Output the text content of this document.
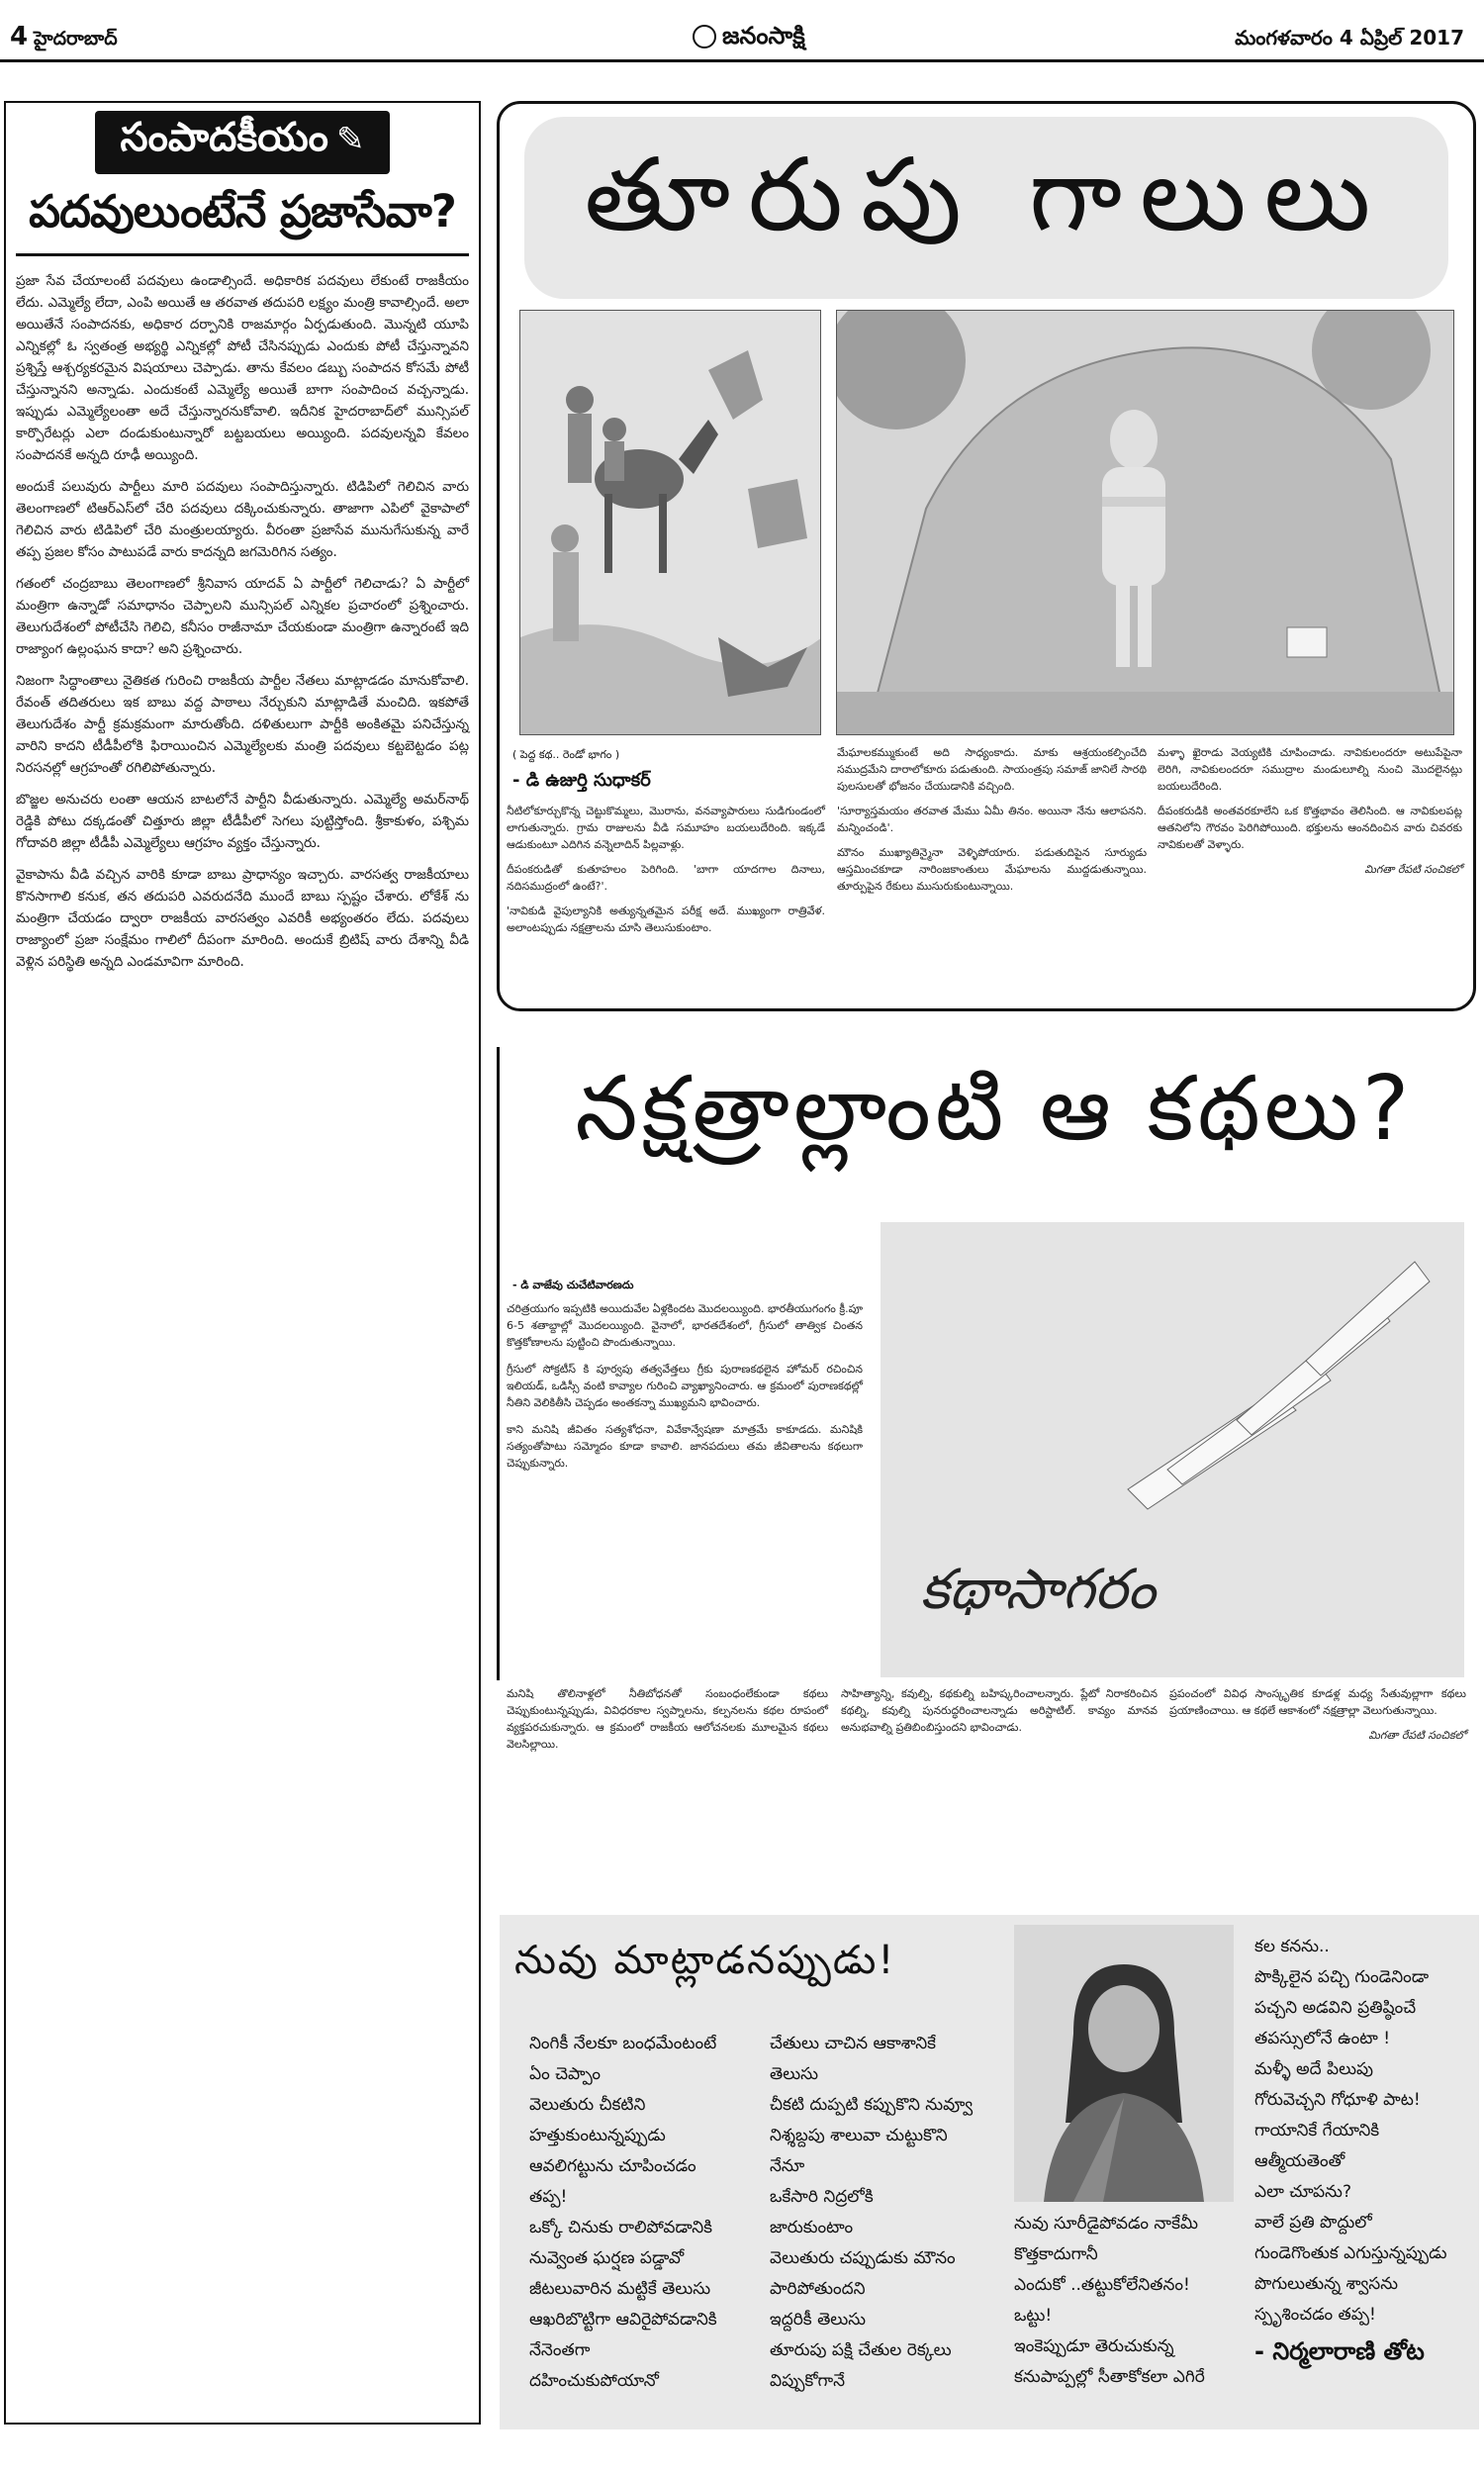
4 హైదరాబాద్	జనంసాక్షి	మంగళవారం 4 ఏప్రిల్ 2017
సంపాదకీయం ✎
పదవులుంటేనే ప్రజాసేవా?

ప్రజా సేవ చేయాలంటే పదవులు ఉండాల్సిందే. అధికారిక పదవులు లేకుంటే రాజకీయం లేదు. ఎమ్మెల్యే లేదా, ఎంపి అయితే ఆ తరవాత తదుపరి లక్ష్యం మంత్రి కావాల్సిందే. అలా అయితేనే సంపాదనకు, అధికార దర్పానికి రాజమార్గం ఏర్పడుతుంది. మొన్నటి యూపి ఎన్నికల్లో ఓ స్వతంత్ర అభ్యర్థి ఎన్నికల్లో పోటీ చేసినప్పుడు ఎందుకు పోటీ చేస్తున్నావని ప్రశ్నిస్తే ఆశ్చర్యకరమైన విషయాలు చెప్పాడు. తాను కేవలం డబ్బు సంపాదన కోసమే పోటీ చేస్తున్నానని అన్నాడు. ఎందుకంటే ఎమ్మెల్యే అయితే బాగా సంపాదించ వచ్చన్నాడు. ఇప్పుడు ఎమ్మెల్యేలంతా అదే చేస్తున్నారనుకోవాలి. ఇదీనిక హైదరాబాద్‌లో మున్సిపల్ కార్పొరేటర్లు ఎలా దండుకుంటున్నారో బట్టబయలు అయ్యింది. పదవులన్నవి కేవలం సంపాదనకే అన్నది రూఢీ అయ్యింది.

అందుకే పలువురు పార్టీలు మారి పదవులు సంపాదిస్తున్నారు. టిడిపిలో గెలిచిన వారు తెలంగాణలో టిఆర్‌ఎస్‌లో చేరి పదవులు దక్కించుకున్నారు. తాజాగా ఎపిలో వైకాపాలో గెలిచిన వారు టిడిపిలో చేరి మంత్రులయ్యారు. వీరంతా ప్రజాసేవ మునుగేసుకున్న వారే తప్ప ప్రజల కోసం పాటుపడే వారు కాదన్నది జగమెరిగిన సత్యం.

గతంలో చంద్రబాబు తెలంగాణలో శ్రీనివాస యాదవ్ ఏ పార్టీలో గెలిచాడు? ఏ పార్టీలో మంత్రిగా ఉన్నాడో సమాధానం చెప్పాలని మున్సిపల్ ఎన్నికల ప్రచారంలో ప్రశ్నించారు. తెలుగుదేశంలో పోటీచేసి గెలిచి, కనీసం రాజీనామా చేయకుండా మంత్రిగా ఉన్నారంటే ఇది రాజ్యాంగ ఉల్లంఘన కాదా? అని ప్రశ్నించారు.

నిజంగా సిద్ధాంతాలు నైతికత గురించి రాజకీయ పార్టీల నేతలు మాట్లాడడం మానుకోవాలి. రేవంత్ తదితరులు ఇక బాబు వద్ద పాఠాలు నేర్చుకుని మాట్లాడితే మంచిది. ఇకపోతే తెలుగుదేశం పార్టీ క్రమక్రమంగా మారుతోంది. దళితులుగా పార్టీకి అంకితమై పనిచేస్తున్న వారిని కాదని టీడీపీలోకి ఫిరాయించిన ఎమ్మెల్యేలకు మంత్రి పదవులు కట్టబెట్టడం పట్ల నిరసనల్లో ఆగ్రహంతో రగిలిపోతున్నారు.

బొజ్జల అనుచరు లంతా ఆయన బాటలోనే పార్టీని వీడుతున్నారు. ఎమ్మెల్యే అమర్‌నాథ్ రెడ్డికి పోటు దక్కడంతో చిత్తూరు జిల్లా టీడీపీలో సెగలు పుట్టిస్తోంది. శ్రీకాకుళం, పశ్చిమ గోదావరి జిల్లా టీడీపీ ఎమ్మెల్యేలు ఆగ్రహం వ్యక్తం చేస్తున్నారు.

వైకాపాను వీడి వచ్చిన వారికి కూడా బాబు ప్రాధాన్యం ఇచ్చారు. వారసత్వ రాజకీయాలు కొనసాగాలి కనుక, తన తదుపరి ఎవరుదనేది ముందే బాబు స్పష్టం చేశారు. లోకేశ్ ను మంత్రిగా చేయడం ద్వారా రాజకీయ వారసత్వం ఎవరికీ అభ్యంతరం లేదు. పదవులు రాజ్యాంలో ప్రజా సంక్షేమం గాలిలో దీపంగా మారింది. అందుకే బ్రిటిష్ వారు దేశాన్ని వీడి వెళ్లిన పరిస్థితి అన్నది ఎండమావిగా మారింది.

తూరుపు గాలులు
( పెద్ద కథ.. రెండో భాగం )
- డి ఉజుర్తి సుధాకర్

నీటిలోకూర్చుకొన్న చెట్టుకొమ్మలు, మొరాను, వనవ్యాపారులు సుడిగుండంలో లాగుతున్నారు. గ్రామ రాజులను వీడి సమూహం బయలుదేరింది. ఇక్కడే ఆడుకుంటూ ఎదిగిన వన్నెలాదిన్ పిల్లవాళ్లు.

దీపంకరుడితో కుతూహలం పెరిగింది. 'బాగా యాదగాల దినాలు, నదిసముద్రంలో ఉంటే?'.

'నావికుడి వైపుల్యానికి అత్యున్నతమైన పరీక్ష అదే. ముఖ్యంగా రాత్రివేళ. అలాంటప్పుడు నక్షత్రాలను చూసి తెలుసుకుంటాం.

మేఘాలకమ్ముకుంటే అది సాధ్యంకాదు. మాకు ఆశ్రయంకల్పించేది సముద్రమేని దారాలోకూరు పడుతుంది. సాయంత్రపు సమాజ్ జానిలే సారథి పులసులతో భోజనం చేయుడానికి వచ్చింది.

'సూర్యాస్తమయం తరవాత మేము ఏమీ తినం. అయినా నేను ఆలాపనని. మన్నించండి'.

మౌనం ముఖ్యాతిన్మైనా వెళ్ళిపోయారు. పడుతుదిపైన సూర్యుడు ఆస్తమించకూడా నారింజకాంతులు మేఘాలను ముద్దడుతున్నాయి. తూర్పుపైన రేకులు ముసురుకుంటున్నాయి.

మళ్ళా ఖైరాడు వెయ్యటికి చూపించాడు. నావికులందరూ అటుపేపైనా లెరిగి, నావికులందరూ సముద్రాల మండులూల్ని నుంచి మొదలైనట్లు బయలుదేరింది.

దీపంకరుడికి అంతవరకూలేని ఒక కొత్తభావం తెలిసింది. ఆ నావికులపట్ల ఆతనిలోని గౌరవం పెరిగిపోయింది. భక్తులను ఆంనదించిన వారు చివరకు నావికులతో వెళ్ళారు.

మిగతా రేపటి సంచికలో

నక్షత్రాల్లాంటి ఆ కథలు?
- డి వాజేవు చుచేటివారణదు

చరిత్రయుగం ఇప్పటికి అయిదువేల ఏళ్లకిందట మొదలయ్యింది. భారతీయుగంగం క్రీ.పూ 6-5 శతాబ్దాల్లో మొదలయ్యింది. వైనాలో, భారతదేశంలో, గ్రీసులో తాత్విక చింతన కొత్తకోణాలను పుట్టించి పొందుతున్నాయి.

గ్రీసులో సోక్రటీస్ కి పూర్వపు తత్వవేత్తలు గ్రీకు పురాణకథలైన హోమర్ రచించిన ఇలియడ్, ఒడిస్సీ వంటి కావ్యాల గురించి వ్యాఖ్యానించారు. ఆ క్రమంలో పురాణకథల్లో నీతిని వెలికితీసి చెప్పడం అంతకన్నా ముఖ్యమని భావించారు.

కాని మనిషి జీవితం సత్యశోధనా, వివేకాన్వేషణా మాత్రమే కాకూడదు. మనిషికి సత్యంతోపాటు సమ్మోదం కూడా కావాలి. జానపదులు తమ జీవితాలను కథలుగా చెప్పుకున్నారు.

కథాసాగరం
మనిషి తొలినాళ్లలో నీతిబోధనతో సంబంధంలేకుండా కథలు చెప్పుకుంటున్నప్పుడు, వివిధరకాల స్వప్నాలను, కల్పనలను కథల రూపంలో వ్యక్తపరచుకున్నారు. ఆ క్రమంలో రాజకీయ ఆలోచనలకు మూలమైన కథలు వెలసిల్లాయి.
సాహిత్యాన్ని, కవుల్ని, కథకుల్ని బహిష్కరించాలన్నారు. ప్లేటో నిరాకరించిన కథల్ని, కవుల్ని పునరుద్ధరించాలన్నాడు అరిస్టాటిల్. కావ్యం మానవ అనుభవాల్ని ప్రతిబింబిస్తుందని భావించాడు.

ప్రపంచంలో వివిధ సాంస్కృతిక కూడళ్ల మధ్య సేతువుల్లాగా కథలు ప్రయాణించాయి. ఆ కథలే ఆకాశంలో నక్షత్రాల్లా వెలుగుతున్నాయి.

మిగతా రేపటి సంచికలో

నువు మాట్లాడనప్పుడు!
నింగికీ నేలకూ బంధమేంటంటే
ఏం చెప్పాం
వెలుతురు చీకటిని
హత్తుకుంటున్నప్పుడు
ఆవలిగట్టును చూపించడం
తప్ప!
ఒక్కో చినుకు రాలిపోవడానికి
నువ్వెంత ఘర్షణ పడ్డావో
జీటలువారిన మట్టికే తెలుసు
ఆఖరిబొట్టిగా ఆవిరైపోవడానికి
నేనెంతగా
దహించుకుపోయానో
చేతులు చాచిన ఆకాశానికే
తెలుసు
చీకటి దుప్పటి కప్పుకొని నువ్వూ
నిశ్శబ్దపు శాలువా చుట్టుకొని
నేనూ
ఒకేసారి నిద్రలోకి
జారుకుంటాం
వెలుతురు చప్పుడుకు మౌనం
పారిపోతుందని
ఇద్దరికీ తెలుసు
తూరుపు పక్షి చేతుల రెక్కలు
విప్పుకోగానే
నువు సూరీడైపోవడం నాకేమీ
కొత్తకాదుగానీ
ఎందుకో ..తట్టుకోలేనితనం!
ఒట్టు!
ఇంకెప్పుడూ తెరుచుకున్న
కనుపాప్పల్లో సీతాకోకలా ఎగిరే
కల కనను..
పొక్కిలైన పచ్చి గుండెనిండా
పచ్చని అడవిని ప్రతిష్ఠించే
తపస్సులోనే ఉంటా !
మళ్ళీ అదే పిలుపు
గోరువెచ్చని గోధూళి పాట!
గాయానికే గేయానికి
ఆత్మీయతెంతో
ఎలా చూపను?
వాలే ప్రతి పొద్దులో
గుండెగొంతుక ఎగుస్తున్నప్పుడు
పొగులుతున్న శ్వాసను
స్పృశించడం తప్ప!
- నిర్మలారాణి తోట
